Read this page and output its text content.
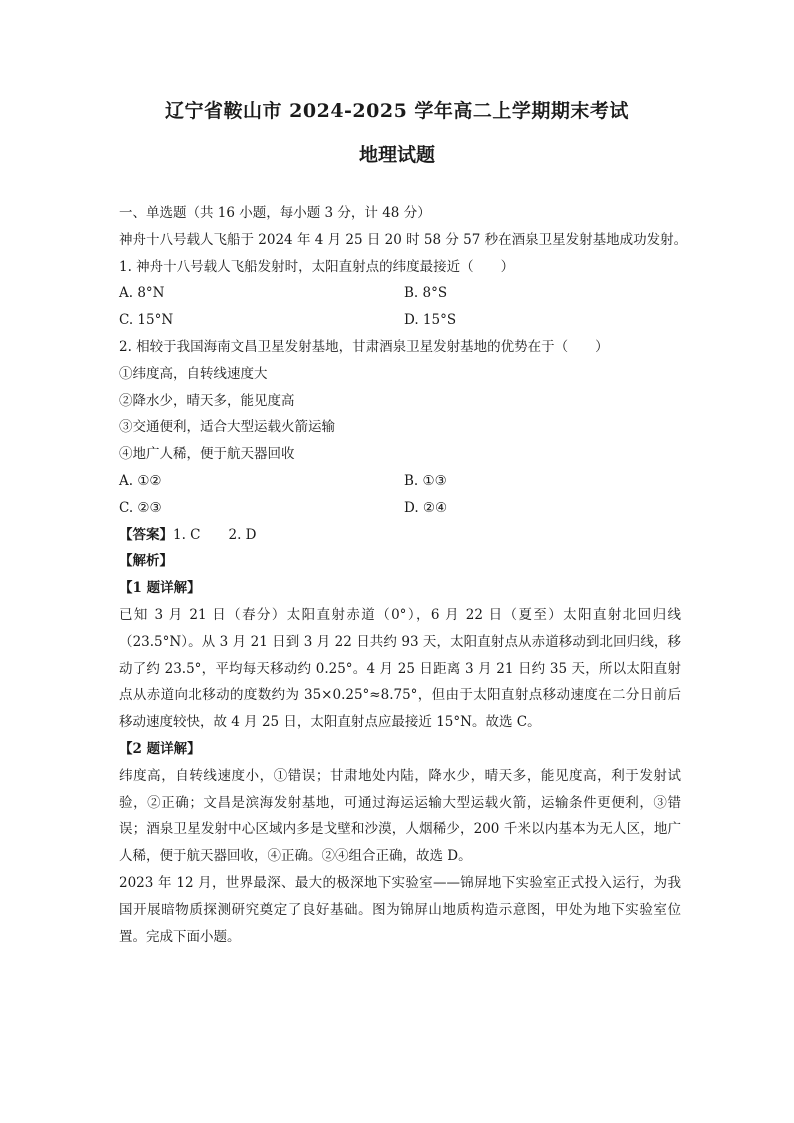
辽宁省鞍山市 2024-2025 学年高二上学期期末考试
地理试题
一、单选题（共 16 小题，每小题 3 分，计 48 分）
神舟十八号载人飞船于 2024 年 4 月 25 日 20 时 58 分 57 秒在酒泉卫星发射基地成功发射。
1. 神舟十八号载人飞船发射时，太阳直射点的纬度最接近（　　）
A. 8°N	B. 8°S
C. 15°N	D. 15°S
2. 相较于我国海南文昌卫星发射基地，甘肃酒泉卫星发射基地的优势在于（　　）
①纬度高，自转线速度大
②降水少，晴天多，能见度高
③交通便利，适合大型运载火箭运输
④地广人稀，便于航天器回收
A. ①②	B. ①③
C. ②③	D. ②④
【答案】1. C 2. D
【解析】
【1 题详解】
已知 3 月 21 日（春分）太阳直射赤道（0°），6 月 22 日（夏至）太阳直射北回归线（23.5°N）。从 3 月 21 日到 3 月 22 日共约 93 天，太阳直射点从赤道移动到北回归线，移动了约 23.5°，平均每天移动约 0.25°。4 月 25 日距离 3 月 21 日约 35 天，所以太阳直射点从赤道向北移动的度数约为 35×0.25°≈8.75°，但由于太阳直射点移动速度在二分日前后移动速度较快，故 4 月 25 日，太阳直射点应最接近 15°N。故选 C。
【2 题详解】
纬度高，自转线速度小，①错误；甘肃地处内陆，降水少，晴天多，能见度高，利于发射试验，②正确；文昌是滨海发射基地，可通过海运运输大型运载火箭，运输条件更便利，③错误；酒泉卫星发射中心区域内多是戈壁和沙漠，人烟稀少，200 千米以内基本为无人区，地广人稀，便于航天器回收，④正确。②④组合正确，故选 D。
2023 年 12 月，世界最深、最大的极深地下实验室——锦屏地下实验室正式投入运行，为我国开展暗物质探测研究奠定了良好基础。图为锦屏山地质构造示意图，甲处为地下实验室位置。完成下面小题。
